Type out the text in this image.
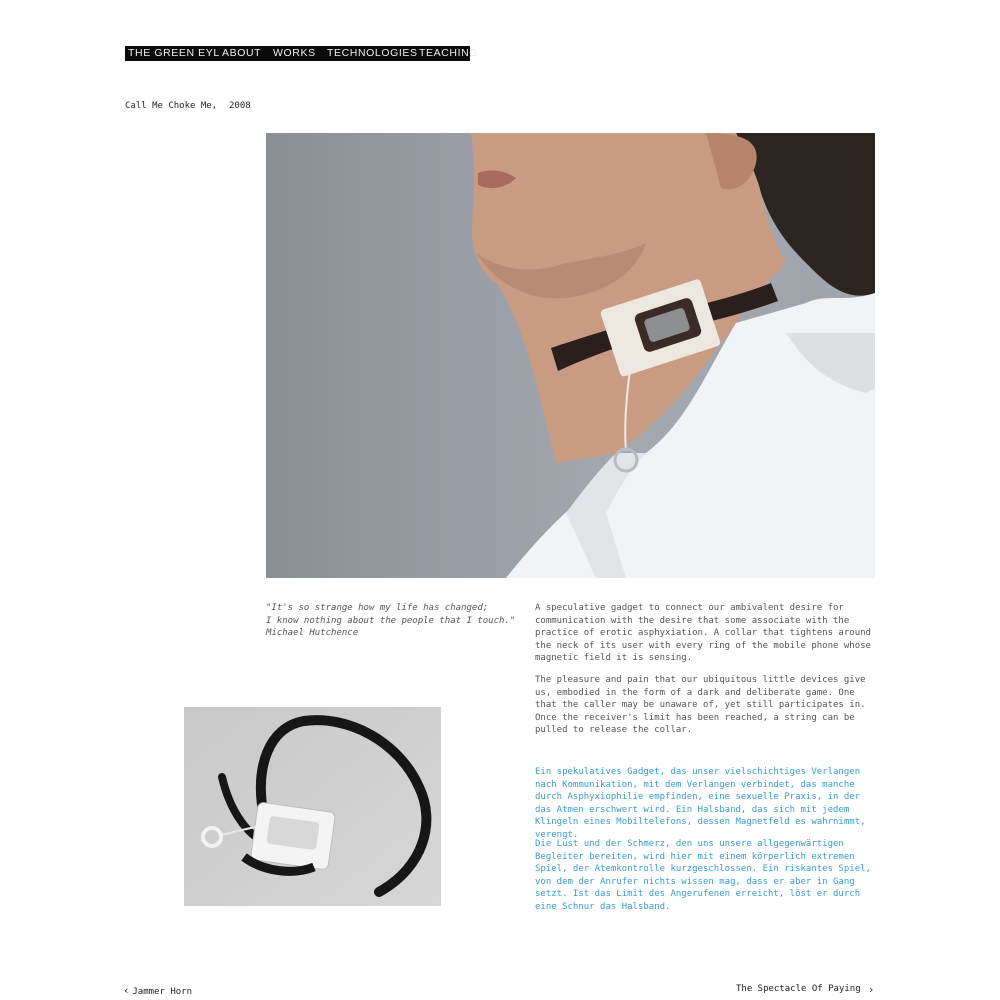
THE GREEN EYL ABOUT WORKS TECHNOLOGIES TEACHING
Call Me Choke Me, 2008
"It's so strange how my life has changed;
I know nothing about the people that I touch."
Michael Hutchence

A speculative gadget to connect our ambivalent desire for communication with the desire that some associate with the practice of erotic asphyxiation. A collar that tightens around the neck of its user with every ring of the mobile phone whose magnetic field it is sensing.

The pleasure and pain that our ubiquitous little devices give us, embodied in the form of a dark and deliberate game. One that the caller may be unaware of, yet still participates in. Once the receiver's limit has been reached, a string can be pulled to release the collar.

Ein spekulatives Gadget, das unser vielschichtiges Verlangen nach Kommunikation, mit dem Verlangen verbindet, das manche durch Asphyxiophilie empfinden, eine sexuelle Praxis, in der das Atmen erschwert wird. Ein Halsband, das sich mit jedem Klingeln eines Mobiltelefons, dessen Magnetfeld es wahrnimmt, verengt.

Die Lust und der Schmerz, den uns unsere allgegenwärtigen Begleiter bereiten, wird hier mit einem körperlich extremen Spiel, der Atemkontrolle kurzgeschlossen. Ein riskantes Spiel, von dem der Anrufer nichts wissen mag, dass er aber in Gang setzt. Ist das Limit des Angerufenen erreicht, löst er durch eine Schnur das Halsband.

‹ Jammer Horn	The Spectacle Of Paying ›
